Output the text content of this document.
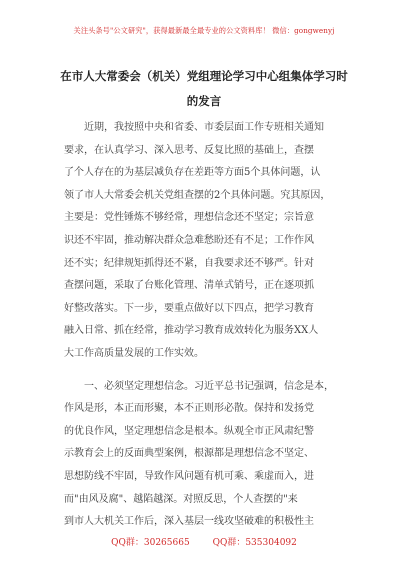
关注头条号"公文研究"，获得最新最全最专业的公文资料库！ 微信：gongwenyj
在市人大常委会（机关）党组理论学习中心组集体学习时
的发言
近期，我按照中央和省委、市委层面工作专班相关通知
要求，在认真学习、深入思考、反复比照的基础上，查摆
了个人存在的为基层减负存在差距等方面5个具体问题，认
领了市人大常委会机关党组查摆的2个具体问题。究其原因，
主要是：党性锤炼不够经常，理想信念还不坚定；宗旨意
识还不牢固，推动解决群众急难愁盼还有不足；工作作风
还不实；纪律规矩抓得还不紧，自我要求还不够严。针对
查摆问题，采取了台账化管理、清单式销号，正在逐项抓
好整改落实。下一步，要重点做好以下四点，把学习教育
融入日常、抓在经常，推动学习教育成效转化为服务XX人
大工作高质量发展的工作实效。
一、必须坚定理想信念。习近平总书记强调，信念是本，
作风是形，本正而形聚，本不正则形必散。保持和发扬党
的优良作风，坚定理想信念是根本。纵观全市正风肃纪警
示教育会上的反面典型案例，根源都是理想信念不坚定、
思想防线不牢固，导致作风问题有机可乘、乘虚而入，进
而"由风及腐"、越陷越深。对照反思，个人查摆的"来
到市人大机关工作后，深入基层一线攻坚破难的积极性主
QQ群：30265665	QQ群：535304092
